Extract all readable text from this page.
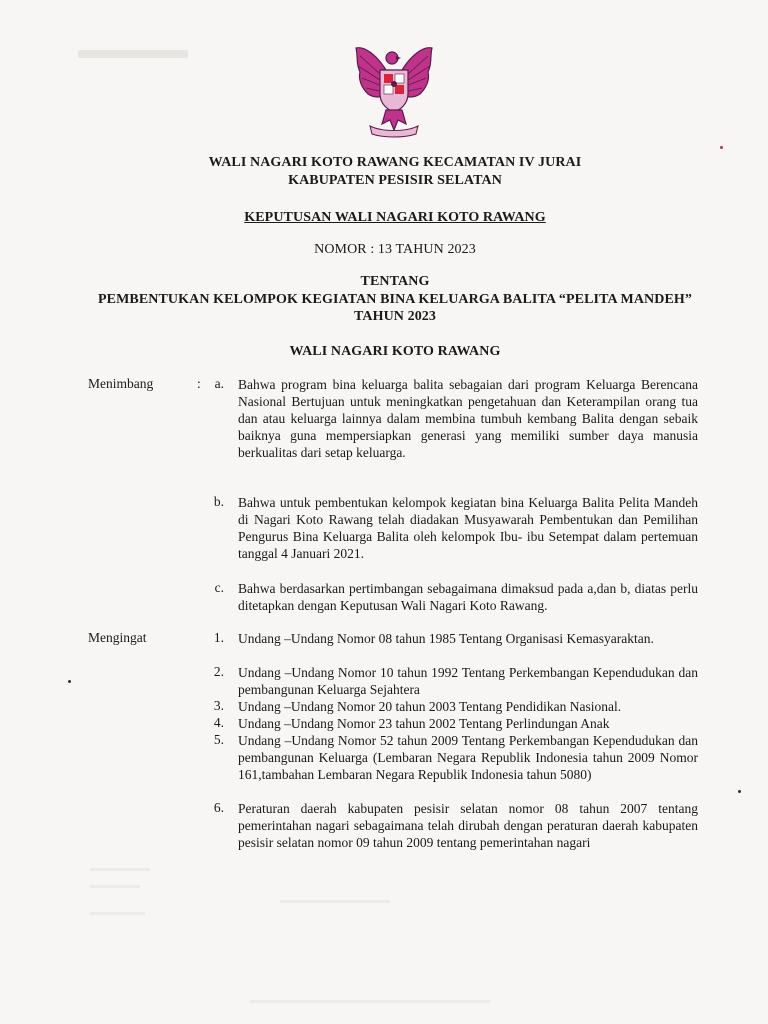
WALI NAGARI KOTO RAWANG KECAMATAN IV JURAI
KABUPATEN PESISIR SELATAN
KEPUTUSAN WALI NAGARI KOTO RAWANG
NOMOR : 13 TAHUN 2023
TENTANG
PEMBENTUKAN KELOMPOK KEGIATAN BINA KELUARGA BALITA “PELITA MANDEH”
TAHUN 2023
WALI NAGARI KOTO RAWANG
Menimbang	:	a. Bahwa program bina keluarga balita sebagaian dari program Keluarga Berencana Nasional Bertujuan untuk meningkatkan pengetahuan dan Keterampilan orang tua dan atau keluarga lainnya dalam membina tumbuh kembang Balita dengan sebaik baiknya guna mempersiapkan generasi yang memiliki sumber daya manusia berkualitas dari setap keluarga.
b. Bahwa untuk pembentukan kelompok kegiatan bina Keluarga Balita Pelita Mandeh di Nagari Koto Rawang telah diadakan Musyawarah Pembentukan dan Pemilihan Pengurus Bina Keluarga Balita oleh kelompok Ibu- ibu Setempat dalam pertemuan tanggal 4 Januari 2021.
c. Bahwa berdasarkan pertimbangan sebagaimana dimaksud pada a,dan b, diatas perlu ditetapkan dengan Keputusan Wali Nagari Koto Rawang.
Mengingat	1. Undang –Undang Nomor 08 tahun 1985 Tentang Organisasi Kemasyaraktan.
2. Undang –Undang Nomor 10 tahun 1992 Tentang Perkembangan Kependudukan dan pembangunan Keluarga Sejahtera
3. Undang –Undang Nomor 20 tahun 2003 Tentang Pendidikan Nasional.
4. Undang –Undang Nomor 23 tahun 2002 Tentang Perlindungan Anak
5. Undang –Undang Nomor 52 tahun 2009 Tentang Perkembangan Kependudukan dan pembangunan Keluarga (Lembaran Negara Republik Indonesia tahun 2009 Nomor 161,tambahan Lembaran Negara Republik Indonesia tahun 5080)
6. Peraturan daerah kabupaten pesisir selatan nomor 08 tahun 2007 tentang pemerintahan nagari sebagaimana telah dirubah dengan peraturan daerah kabupaten pesisir selatan nomor 09 tahun 2009 tentang pemerintahan nagari
